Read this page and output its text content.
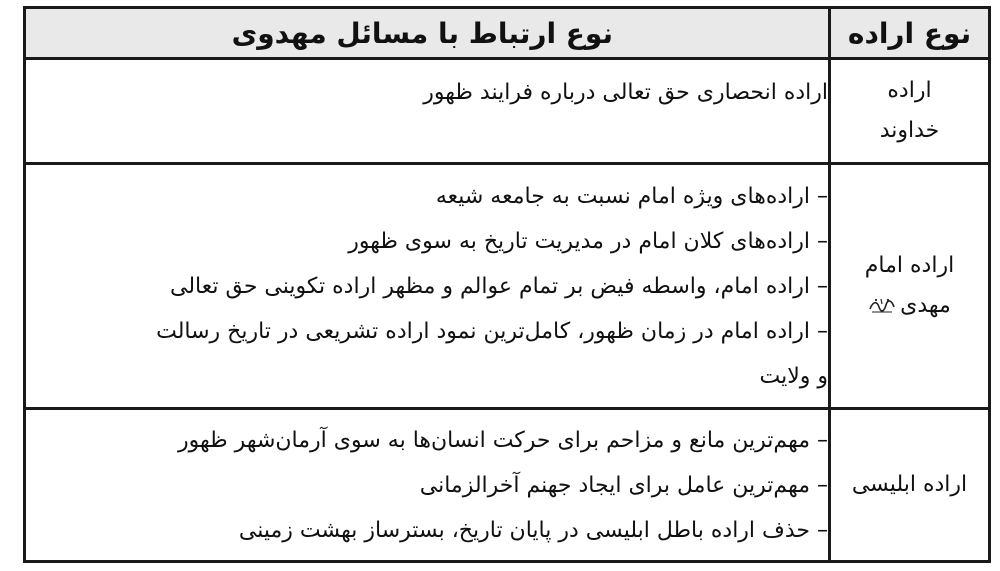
نوع اراده	نوع ارتباط با مسائل مهدوی

اراده
خداوند	اراده انحصاری حق تعالی درباره فرایند ظهور

اراده امام
مهدی	– اراده‌های ویژه امام نسبت به جامعه شیعه
– اراده‌های کلان امام در مدیریت تاریخ به سوی ظهور
– اراده امام، واسطه فیض بر تمام عوالم و مظهر اراده تکوینی حق تعالی
– اراده امام در زمان ظهور، کامل‌ترین نمود اراده تشریعی در تاریخ رسالت
و ولایت

اراده ابلیسی	– مهم‌ترین مانع و مزاحم برای حرکت انسان‌ها به سوی آرمان‌شهر ظهور
– مهم‌ترین عامل برای ایجاد جهنم آخرالزمانی
– حذف اراده باطل ابلیسی در پایان تاریخ، بسترساز بهشت زمینی
